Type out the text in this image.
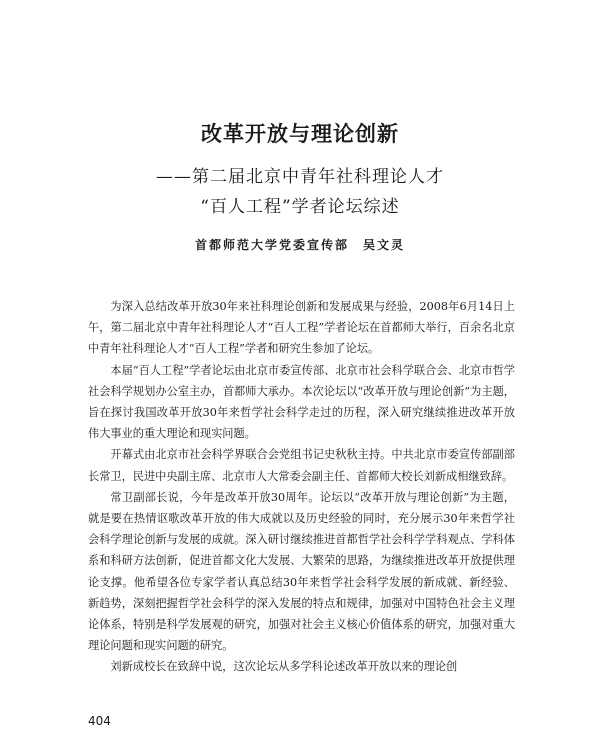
改革开放与理论创新
——第二届北京中青年社科理论人才
“百人工程”学者论坛综述
首都师范大学党委宣传部　吴文灵

为深入总结改革开放30年来社科理论创新和发展成果与经验，2008年6月14日上午，第二届北京中青年社科理论人才“百人工程”学者论坛在首都师大举行，百余名北京中青年社科理论人才“百人工程”学者和研究生参加了论坛。

本届“百人工程”学者论坛由北京市委宣传部、北京市社会科学联合会、北京市哲学社会科学规划办公室主办，首都师大承办。本次论坛以“改革开放与理论创新”为主题，旨在探讨我国改革开放30年来哲学社会科学走过的历程，深入研究继续推进改革开放伟大事业的重大理论和现实问题。

开幕式由北京市社会科学界联合会党组书记史秋秋主持。中共北京市委宣传部副部长常卫，民进中央副主席、北京市人大常委会副主任、首都师大校长刘新成相继致辞。

常卫副部长说，今年是改革开放30周年。论坛以“改革开放与理论创新”为主题，就是要在热情讴歌改革开放的伟大成就以及历史经验的同时，充分展示30年来哲学社会科学理论创新与发展的成就。深入研讨继续推进首都哲学社会科学学科观点、学科体系和科研方法创新，促进首都文化大发展、大繁荣的思路，为继续推进改革开放提供理论支撑。他希望各位专家学者认真总结30年来哲学社会科学发展的新成就、新经验、新趋势，深刻把握哲学社会科学的深入发展的特点和规律，加强对中国特色社会主义理论体系，特别是科学发展观的研究，加强对社会主义核心价值体系的研究，加强对重大理论问题和现实问题的研究。

刘新成校长在致辞中说，这次论坛从多学科论述改革开放以来的理论创

404
